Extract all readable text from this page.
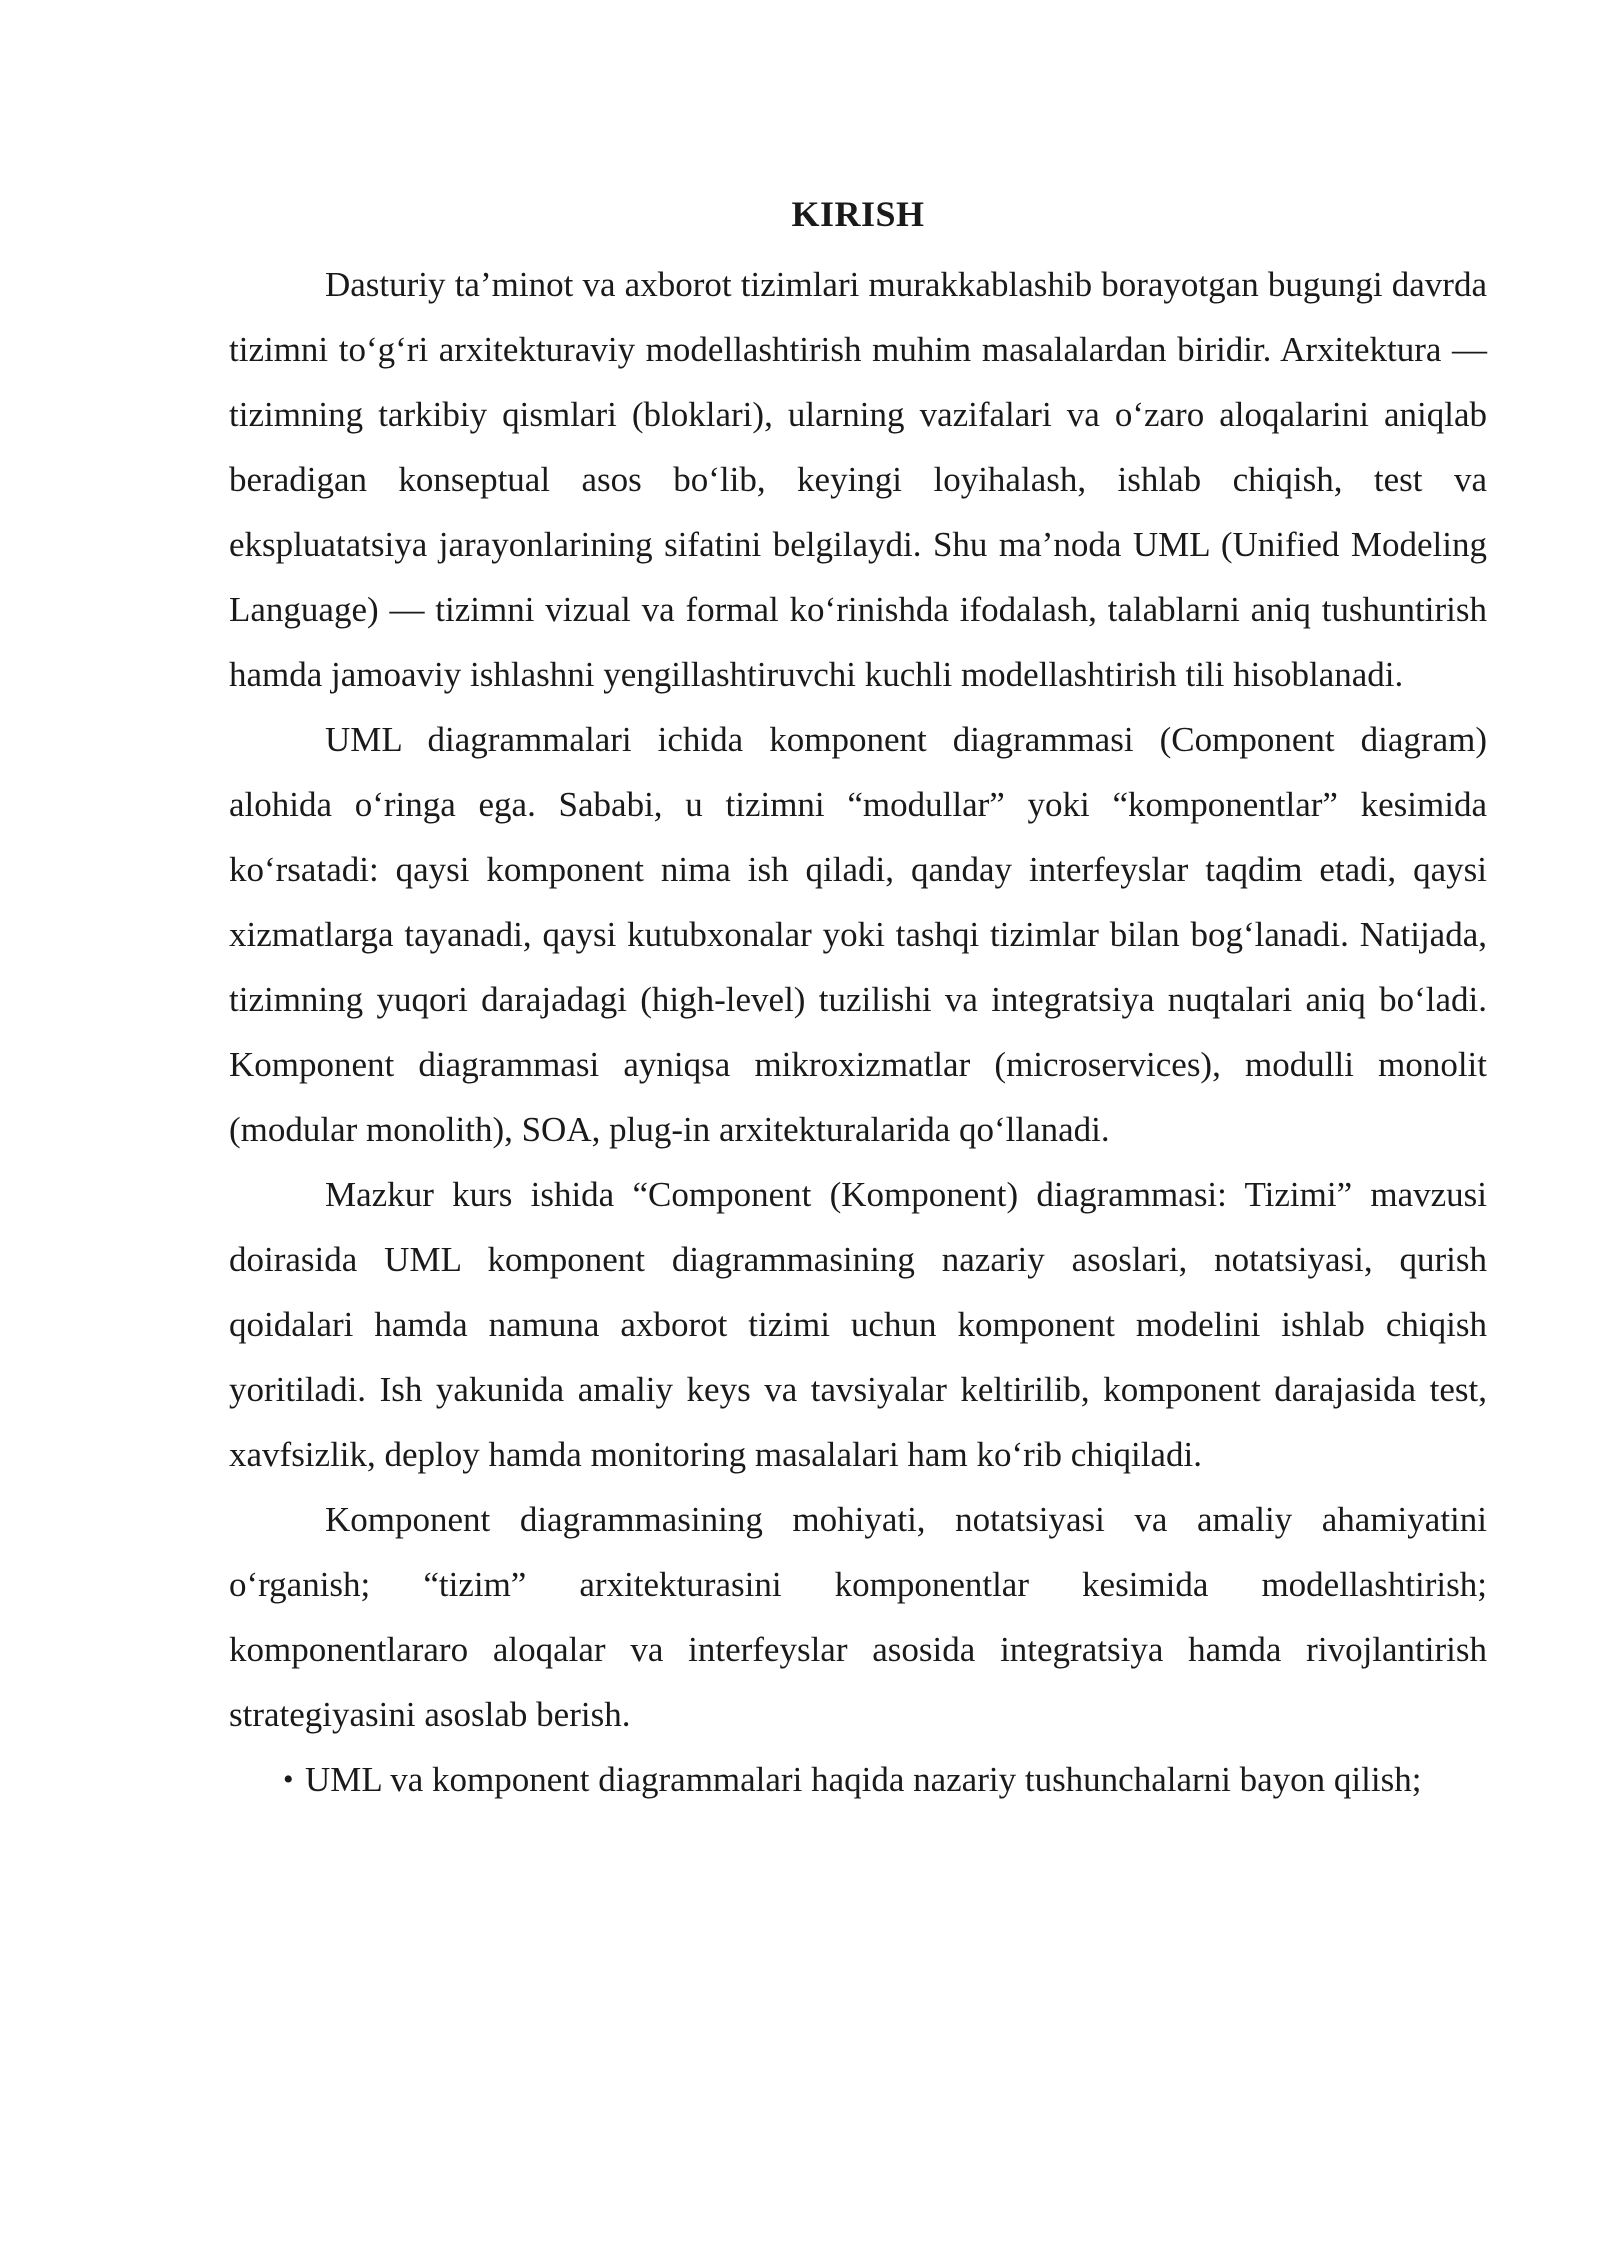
KIRISH

Dasturiy ta’minot va axborot tizimlari murakkablashib borayotgan bugungi davrda tizimni to‘g‘ri arxitekturaviy modellashtirish muhim masalalardan biridir. Arxitektura — tizimning tarkibiy qismlari (bloklari), ularning vazifalari va o‘zaro aloqalarini aniqlab beradigan konseptual asos bo‘lib, keyingi loyihalash, ishlab chiqish, test va ekspluatatsiya jarayonlarining sifatini belgilaydi. Shu ma’noda UML (Unified Modeling Language) — tizimni vizual va formal ko‘rinishda ifodalash, talablarni aniq tushuntirish hamda jamoaviy ishlashni yengillashtiruvchi kuchli modellashtirish tili hisoblanadi.

UML diagrammalari ichida komponent diagrammasi (Component diagram) alohida o‘ringa ega. Sababi, u tizimni “modullar” yoki “komponentlar” kesimida ko‘rsatadi: qaysi komponent nima ish qiladi, qanday interfeyslar taqdim etadi, qaysi xizmatlarga tayanadi, qaysi kutubxonalar yoki tashqi tizimlar bilan bog‘lanadi. Natijada, tizimning yuqori darajadagi (high-level) tuzilishi va integratsiya nuqtalari aniq bo‘ladi. Komponent diagrammasi ayniqsa mikroxizmatlar (microservices), modulli monolit (modular monolith), SOA, plug-in arxitekturalarida qo‘llanadi.

Mazkur kurs ishida “Component (Komponent) diagrammasi: Tizimi” mavzusi doirasida UML komponent diagrammasining nazariy asoslari, notatsiyasi, qurish qoidalari hamda namuna axborot tizimi uchun komponent modelini ishlab chiqish yoritiladi. Ish yakunida amaliy keys va tavsiyalar keltirilib, komponent darajasida test, xavfsizlik, deploy hamda monitoring masalalari ham ko‘rib chiqiladi.

Komponent diagrammasining mohiyati, notatsiyasi va amaliy ahamiyatini o‘rganish; “tizim” arxitekturasini komponentlar kesimida modellashtirish; komponentlararo aloqalar va interfeyslar asosida integratsiya hamda rivojlantirish strategiyasini asoslab berish.

• UML va komponent diagrammalari haqida nazariy tushunchalarni bayon qilish;
